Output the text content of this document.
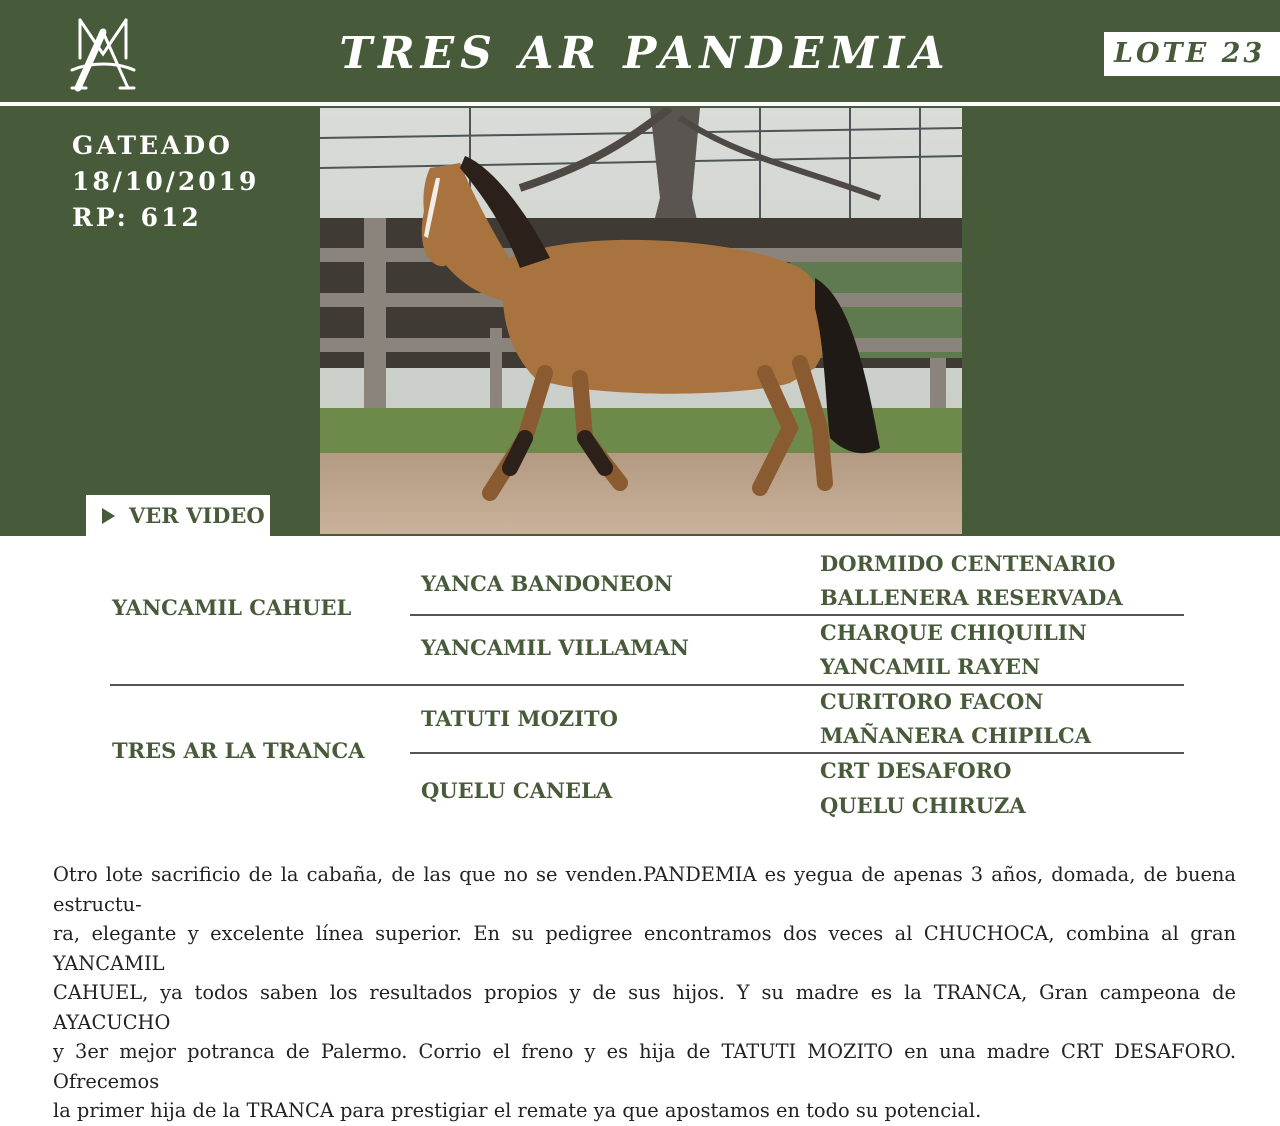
TRES AR PANDEMIA	LOTE 23
GATEADO
18/10/2019
RP: 612
VER VIDEO
YANCAMIL CAHUEL
TRES AR LA TRANCA
YANCA BANDONEON
YANCAMIL VILLAMAN
TATUTI MOZITO
QUELU CANELA
DORMIDO CENTENARIO
BALLENERA RESERVADA
CHARQUE CHIQUILIN
YANCAMIL RAYEN
CURITORO FACON
MAÑANERA CHIPILCA
CRT DESAFORO
QUELU CHIRUZA
Otro lote sacrificio de la cabaña, de las que no se venden.PANDEMIA es yegua de apenas 3 años, domada, de buena estructu-
ra, elegante y excelente línea superior. En su pedigree encontramos dos veces al CHUCHOCA, combina al gran YANCAMIL
CAHUEL, ya todos saben los resultados propios y de sus hijos. Y su madre es la TRANCA, Gran campeona de AYACUCHO
y 3er mejor potranca de Palermo. Corrio el freno y es hija de TATUTI MOZITO en una madre CRT DESAFORO. Ofrecemos
la primer hija de la TRANCA para prestigiar el remate ya que apostamos en todo su potencial.
